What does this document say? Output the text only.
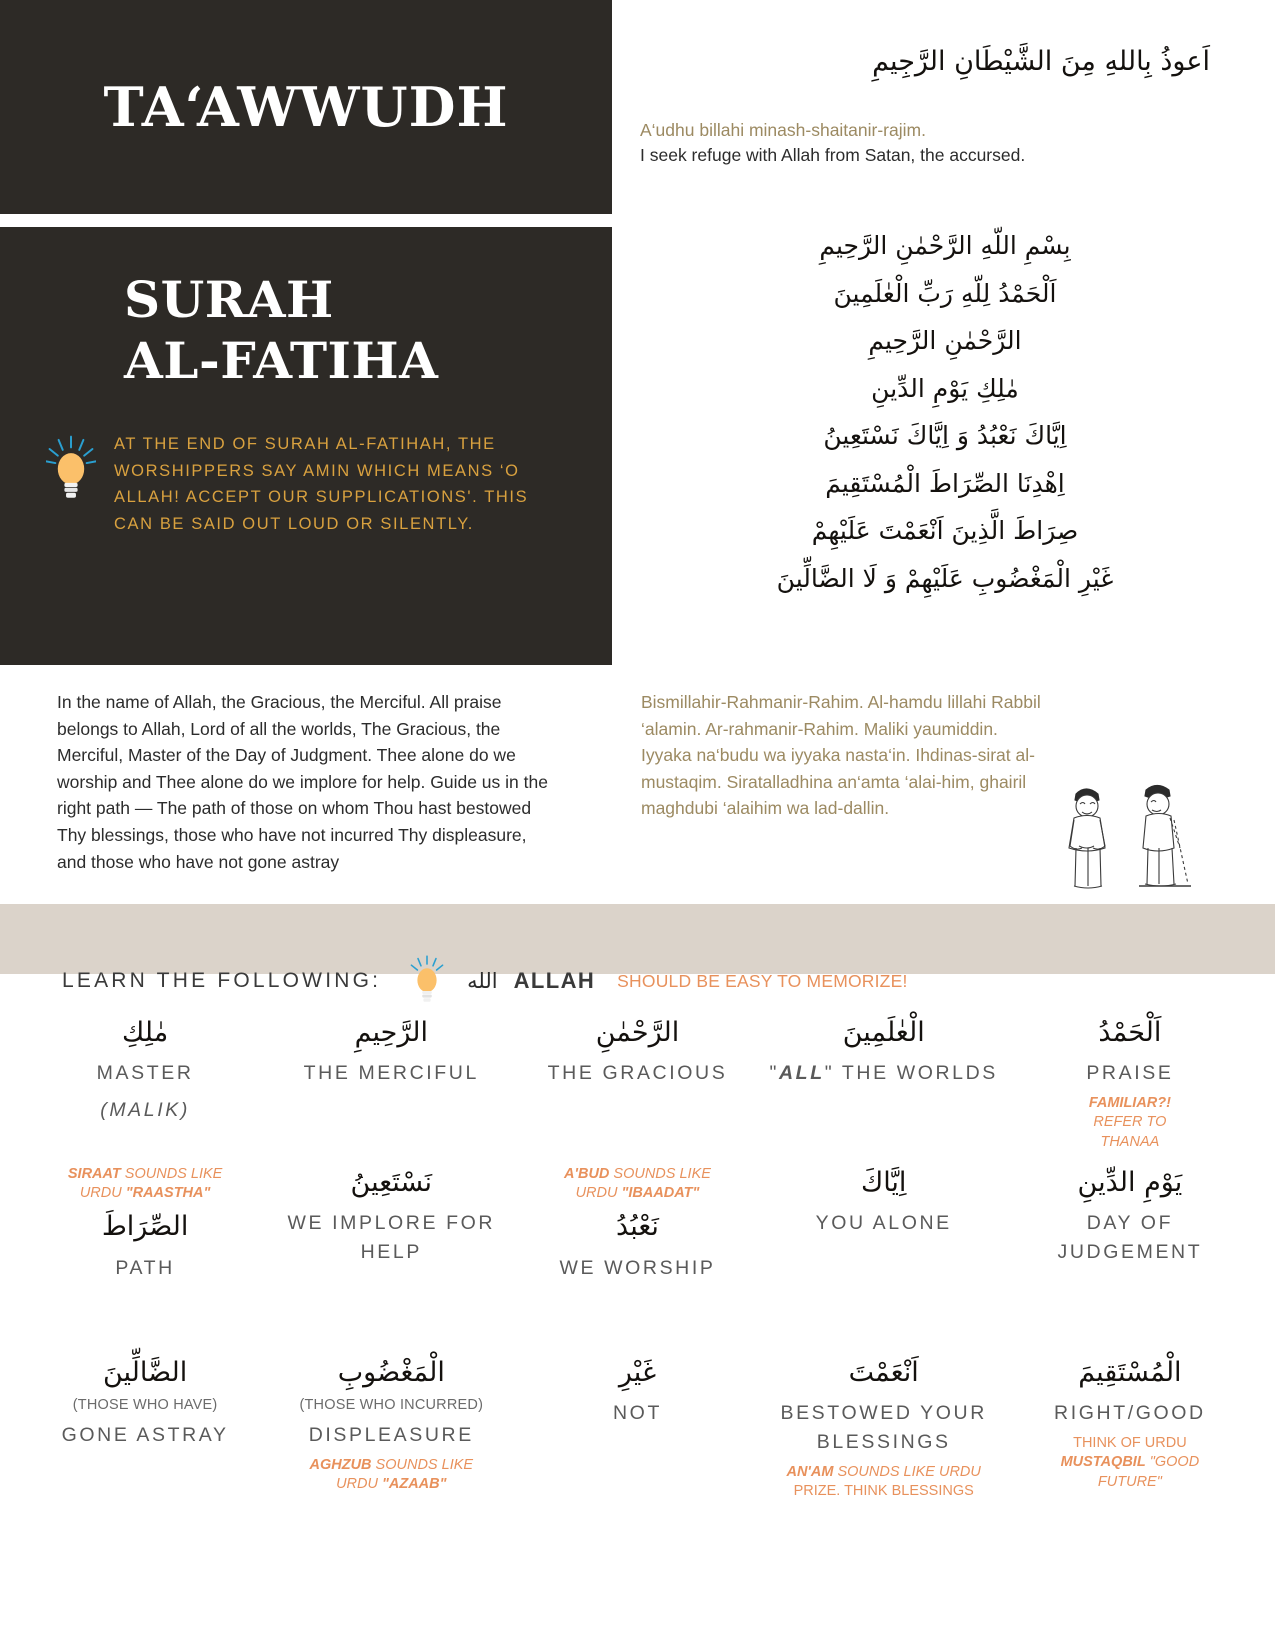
TA‘AWWUDH
اَعوذُ بِاللهِ مِنَ الشَّيْطَانِ الرَّجِيمِ
A‘udhu billahi minash-shaitanir-rajim.
I seek refuge with Allah from Satan, the accursed.
SURAH
AL-FATIHA
AT THE END OF SURAH AL-FATIHAH, THE WORSHIPPERS SAY AMIN WHICH MEANS ‘O ALLAH! ACCEPT OUR SUPPLICATIONS'. THIS CAN BE SAID OUT LOUD OR SILENTLY.
بِسْمِ اللّهِ الرَّحْمٰنِ الرَّحِيمِ
اَلْحَمْدُ لِلّهِ رَبِّ الْعٰلَمِينَ
الرَّحْمٰنِ الرَّحِيمِ
مٰلِكِ يَوْمِ الدِّينِ
اِيَّاكَ نَعْبُدُ وَ اِيَّاكَ نَسْتَعِينُ
اِهْدِنَا الصِّرَاطَ الْمُسْتَقِيمَ
صِرَاطَ الَّذِينَ اَنْعَمْتَ عَلَيْهِمْ
غَيْرِ الْمَغْضُوبِ عَلَيْهِمْ وَ لَا الضَّالِّينَ
In the name of Allah, the Gracious, the Merciful. All praise belongs to Allah, Lord of all the worlds, The Gracious, the Merciful, Master of the Day of Judgment. Thee alone do we worship and Thee alone do we implore for help. Guide us in the right path — The path of those on whom Thou hast bestowed Thy blessings, those who have not incurred Thy displeasure, and those who have not gone astray
Bismillahir-Rahmanir-Rahim. Al-hamdu lillahi Rabbil ‘alamin. Ar-rahmanir-Rahim. Maliki yaumiddin. Iyyaka na‘budu wa iyyaka nasta‘in. Ihdinas-sirat al-mustaqim. Siratalladhina an‘amta ‘alai-him, ghairil maghdubi ‘alaihim wa lad-dallin.
LEARN THE FOLLOWING:	الله ALLAH SHOULD BE EASY TO MEMORIZE!
مٰلِكِ
MASTER
(MALIK)
الرَّحِيمِ
THE MERCIFUL
الرَّحْمٰنِ
THE GRACIOUS
الْعٰلَمِينَ
"ALL" THE WORLDS
اَلْحَمْدُ
PRAISE
FAMILIAR?!
REFER TO
THANAA
SIRAAT SOUNDS LIKE
URDU "RAASTHA"
الصِّرَاطَ
PATH
نَسْتَعِينُ
WE IMPLORE FOR HELP
A'BUD SOUNDS LIKE
URDU "IBAADAT"
نَعْبُدُ
WE WORSHIP
اِيَّاكَ
YOU ALONE
يَوْمِ الدِّينِ
DAY OF JUDGEMENT
الضَّالِّينَ
(THOSE WHO HAVE)
GONE ASTRAY
الْمَغْضُوبِ
(THOSE WHO INCURRED)
DISPLEASURE
AGHZUB SOUNDS LIKE
URDU "AZAAB"
غَيْرِ
NOT
اَنْعَمْتَ
BESTOWED YOUR BLESSINGS
AN'AM SOUNDS LIKE URDU
PRIZE. THINK BLESSINGS
الْمُسْتَقِيمَ
RIGHT/GOOD
THINK OF URDU
MUSTAQBIL "GOOD
FUTURE"
